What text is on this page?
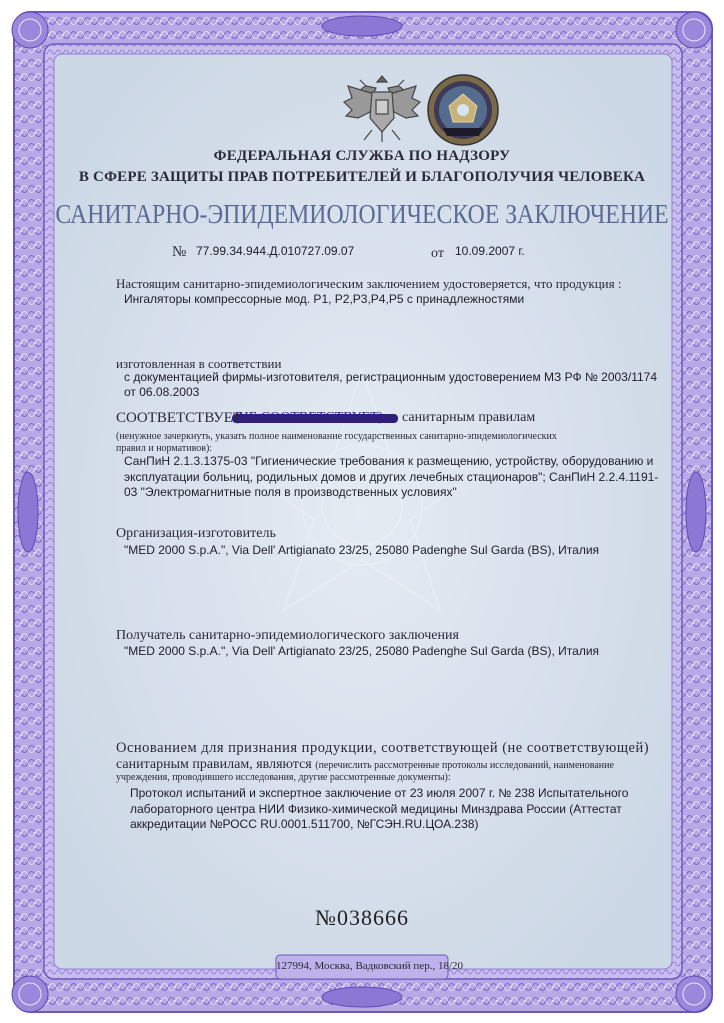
ФЕДЕРАЛЬНАЯ СЛУЖБА ПО НАДЗОРУ
В СФЕРЕ ЗАЩИТЫ ПРАВ ПОТРЕБИТЕЛЕЙ И БЛАГОПОЛУЧИЯ ЧЕЛОВЕКА
САНИТАРНО-ЭПИДЕМИОЛОГИЧЕСКОЕ ЗАКЛЮЧЕНИЕ
№ 77.99.34.944.Д.010727.09.07	от 10.09.2007 г.
Настоящим санитарно-эпидемиологическим заключением удостоверяется, что продукция :
Ингаляторы компрессорные мод. Р1, Р2,Р3,Р4,Р5 с принадлежностями
изготовленная в соответствии
с документацией фирмы-изготовителя, регистрационным удостоверением МЗ РФ № 2003/1174
от 06.08.2003
СООТВЕТСТВУЕТ
(НЕ СООТВЕТСТВУЕТ) санитарным правилам
(ненужное зачеркнуть, указать полное наименование государственных санитарно-эпидемиологических
правил и нормативов):
СанПиН 2.1.3.1375-03 "Гигиенические требования к размещению, устройству, оборудованию и
эксплуатации больниц, родильных домов и других лечебных стационаров"; СанПиН 2.2.4.1191-
03 "Электромагнитные поля в производственных условиях"
Организация-изготовитель
"MED 2000 S.p.A.", Via Dell' Artigianato 23/25, 25080 Padenghe Sul Garda (BS), Италия
Получатель санитарно-эпидемиологического заключения
"MED 2000 S.p.A.", Via Dell' Artigianato 23/25, 25080 Padenghe Sul Garda (BS), Италия
Основанием для признания продукции, соответствующей (не соответствующей)
санитарным правилам, являются (перечислить рассмотренные протоколы исследований, наименование
учреждения, проводившего исследования, другие рассмотренные документы):
Протокол испытаний и экспертное заключение от 23 июля 2007 г. № 238 Испытательного
лабораторного центра НИИ Физико-химической медицины Минздрава России (Аттестат
аккредитации №РОСС RU.0001.511700, №ГСЭН.RU.ЦОА.238)
№038666
127994, Москва, Вадковский пер., 18/20
